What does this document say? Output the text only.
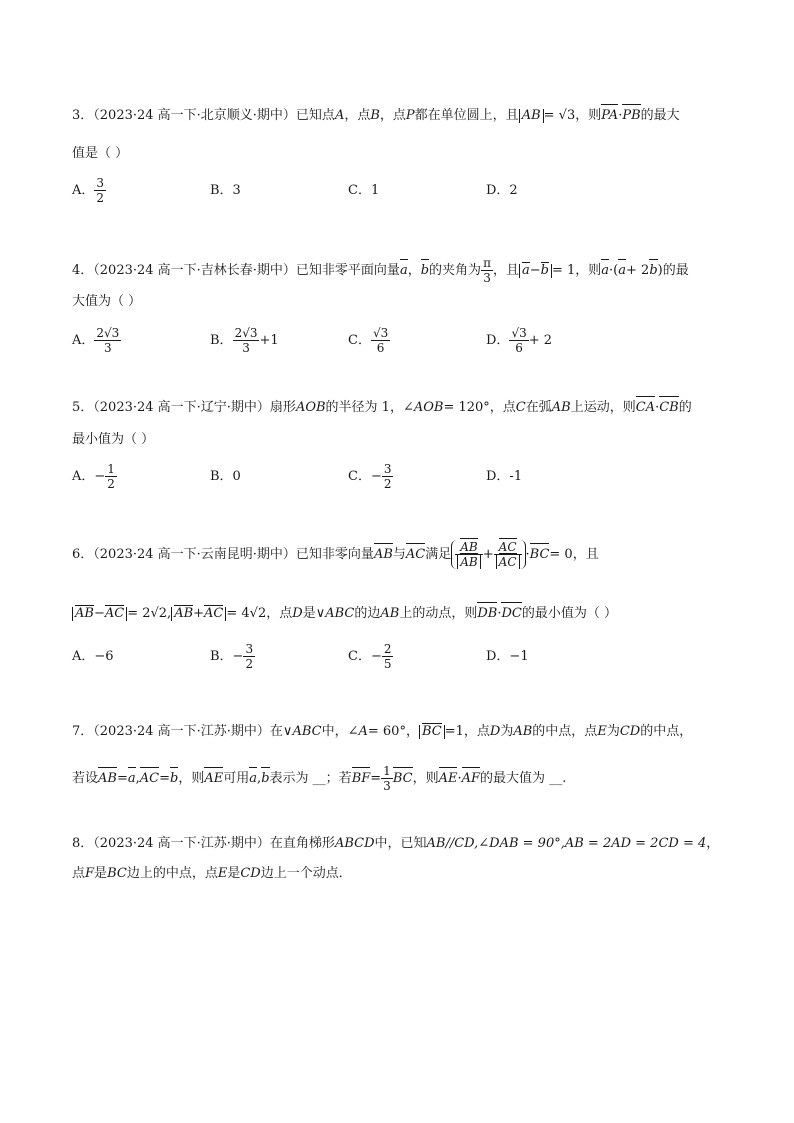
3．（2023·24 高一下·北京顺义·期中）已知点A，点B，点P都在单位圆上，且 AB = √3，则PA·PB的最大
值是（ ）
A． $\frac{3}{2}$	B．3	C．1	D．2
4．（2023·24 高一下·吉林长春·期中）已知非零平面向量a，b的夹角为 $\frac{\pi}{3}$ ，且 a−b = 1，则a·(a+ 2b)的最
大值为（ ）
A． $\frac{2√3}{3}$	B． $\frac{2√3}{3} +1$	C． $\frac{√3}{6}$	D． $\frac{√3}{6} + 2$
5．（2023·24 高一下·辽宁·期中）扇形AOB的半径为 1，∠AOB= 120°，点C在弧AB上运动，则CA·CB的
最小值为（ ）
A．− $\frac{1}{2}$	B．0	C．− $\frac{3}{2}$	D．-1
6．（2023·24 高一下·云南昆明·期中）已知非零向量AB与AC满足 $\frac{AB}{AB} + \frac{AC}{AC} \cdot BC= 0$，且
AB−AC = 2√2, AB+AC = 4√2，点D是∨ABC的边AB上的动点，则DB·DC的最小值为（ ）
A．−6	B．− $\frac{3}{2}$	C．− $\frac{2}{5}$	D．−1
7．（2023·24 高一下·江苏·期中）在∨ABC中，∠A= 60°， BC =1，点D为AB的中点，点E为CD的中点，
若设AB=a,AC=b，则AE可用a,b表示为 __；若$BF= \frac{1}{3}$ BC，则AE·AF的最大值为 __.
8．（2023·24 高一下·江苏·期中）在直角梯形ABCD中，已知AB//CD,∠DAB = 90°,AB = 2AD = 2CD = 4，
点F是BC边上的中点，点E是CD边上一个动点．
